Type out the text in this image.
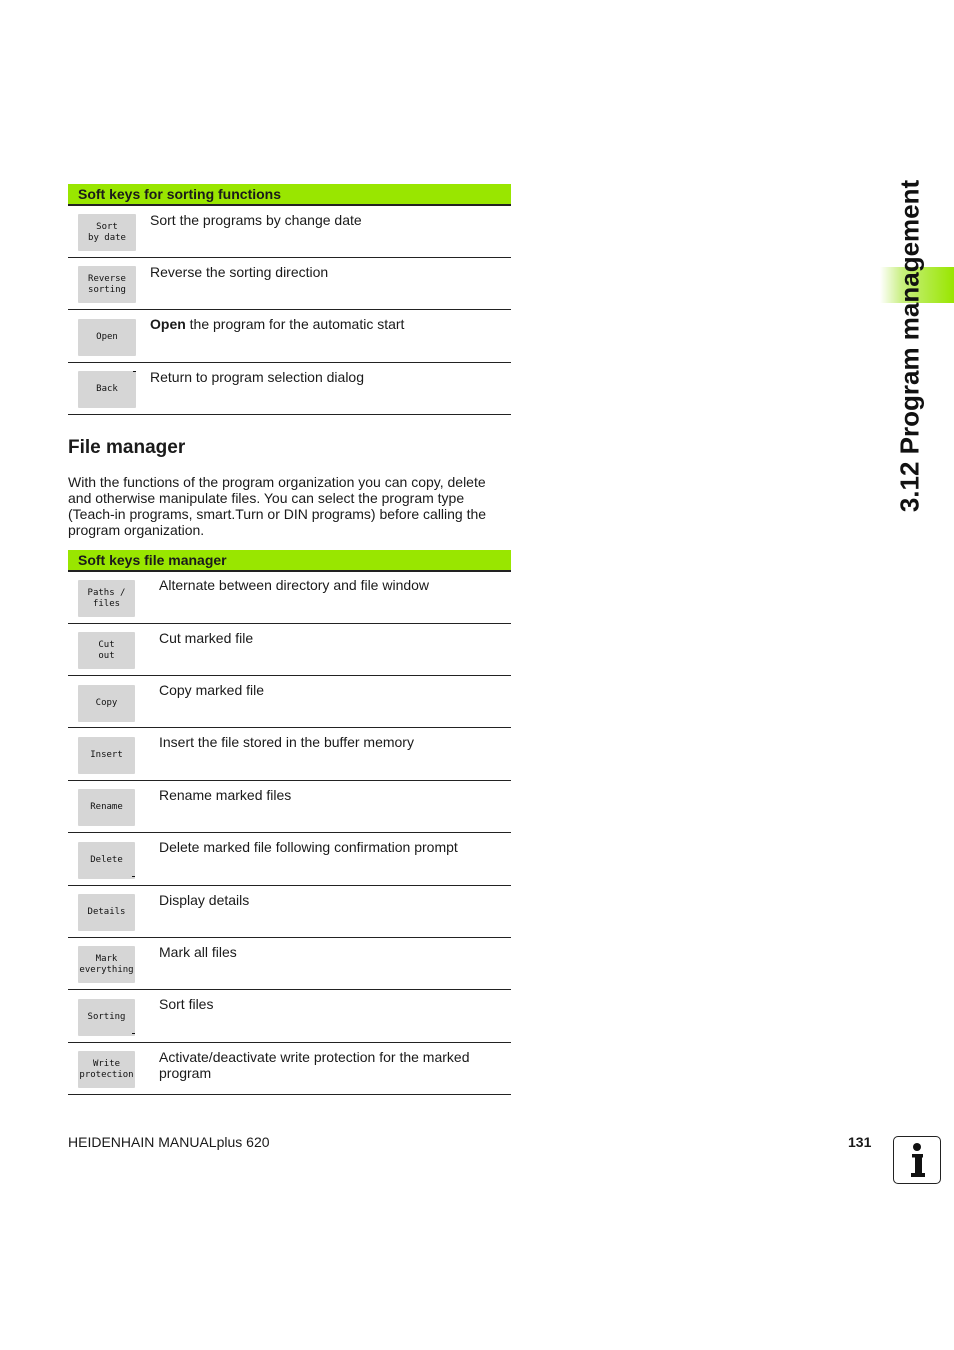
3.12 Program management
Soft keys for sorting functions
Sort
by date
Sort the programs by change date
Reverse
sorting
Reverse the sorting direction
Open
Open the program for the automatic start
Back
Return to program selection dialog
File manager

With the functions of the program organization you can copy, delete and otherwise manipulate files. You can select the program type (Teach-in programs, smart.Turn or DIN programs) before calling the program organization.

Soft keys file manager
Paths /
files
Alternate between directory and file window
Cut
out
Cut marked file
Copy
Copy marked file
Insert
Insert the file stored in the buffer memory
Rename
Rename marked files
Delete
Delete marked file following confirmation prompt
Details
Display details
Mark
everything
Mark all files
Sorting
Sort files
Write
protection
Activate/deactivate write protection for the marked program
HEIDENHAIN MANUALplus 620	131
